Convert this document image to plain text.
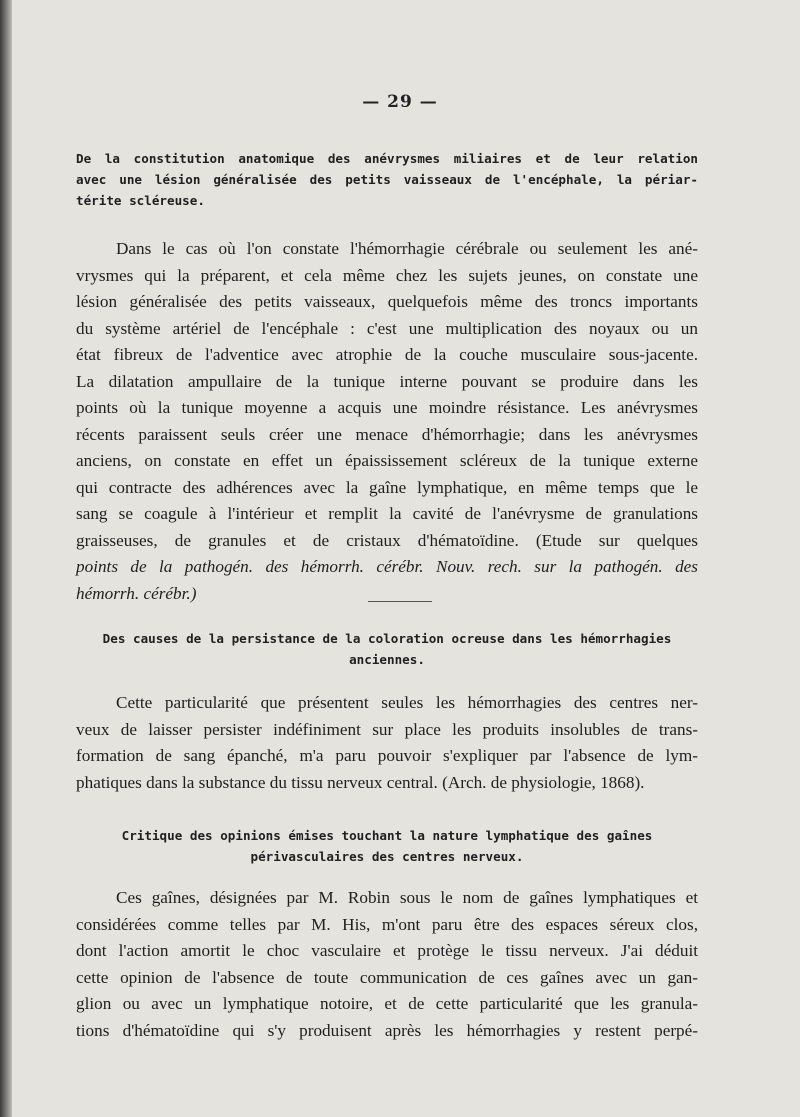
— 29 —
De la constitution anatomique des anévrysmes miliaires et de leur relation
avec une lésion généralisée des petits vaisseaux de l'encéphale, la périar-
térite scléreuse.
Dans le cas où l'on constate l'hémorrhagie cérébrale ou seulement les ané-
vrysmes qui la préparent, et cela même chez les sujets jeunes, on constate une
lésion généralisée des petits vaisseaux, quelquefois même des troncs importants
du système artériel de l'encéphale : c'est une multiplication des noyaux ou un
état fibreux de l'adventice avec atrophie de la couche musculaire sous-jacente.
La dilatation ampullaire de la tunique interne pouvant se produire dans les
points où la tunique moyenne a acquis une moindre résistance. Les anévrysmes
récents paraissent seuls créer une menace d'hémorrhagie; dans les anévrysmes
anciens, on constate en effet un épaississement scléreux de la tunique externe
qui contracte des adhérences avec la gaîne lymphatique, en même temps que le
sang se coagule à l'intérieur et remplit la cavité de l'anévrysme de granulations
graisseuses, de granules et de cristaux d'hématoïdine. (Etude sur quelques
points de la pathogén. des hémorrh. cérébr. Nouv. rech. sur la pathogén. des
hémorrh. cérébr.)
Des causes de la persistance de la coloration ocreuse dans les hémorrhagies
anciennes.
Cette particularité que présentent seules les hémorrhagies des centres ner-
veux de laisser persister indéfiniment sur place les produits insolubles de trans-
formation de sang épanché, m'a paru pouvoir s'expliquer par l'absence de lym-
phatiques dans la substance du tissu nerveux central. (Arch. de physiologie, 1868).
Critique des opinions émises touchant la nature lymphatique des gaînes
périvasculaires des centres nerveux.
Ces gaînes, désignées par M. Robin sous le nom de gaînes lymphatiques et
considérées comme telles par M. His, m'ont paru être des espaces séreux clos,
dont l'action amortit le choc vasculaire et protège le tissu nerveux. J'ai déduit
cette opinion de l'absence de toute communication de ces gaînes avec un gan-
glion ou avec un lymphatique notoire, et de cette particularité que les granula-
tions d'hématoïdine qui s'y produisent après les hémorrhagies y restent perpé-
